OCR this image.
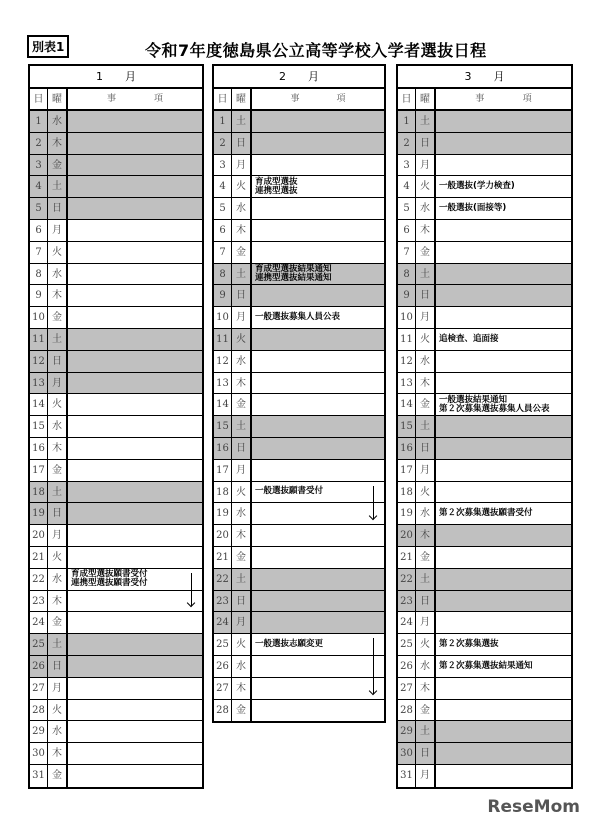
別表1	令和7年度徳島県公立高等学校入学者選抜日程
1　　月
日 曜	事	項
1	水
2	木
3	金
4	土
5	日
6	月
7	火
8	水
9	木
10 金
11 土
12 日
13 月
14 火
15 水
16 木
17 金
18 土
19 日
20 月
21 火
22 水	育成型選抜願書受付
連携型選抜願書受付
23 木
24 金
25 土
26 日
27 月
28 火
29 水
30 木
31 金
2　　月
日 曜	事	項
1	土
2	日
3	月
4	火	育成型選抜
連携型選抜
5	水
6	木
7	金
8	土	育成型選抜結果通知
連携型選抜結果通知
9	日
10 月	一般選抜募集人員公表
11 火
12 水
13 木
14 金
15 土
16 日
17 月
18 火	一般選抜願書受付
19 水
20 木
21 金
22 土
23 日
24 月
25 火	一般選抜志願変更
26 水
27 木
28 金
3　　月
日 曜	事	項
1	土
2	日
3	月
4	火	一般選抜(学力検査)
5	水	一般選抜(面接等)
6	木
7	金
8	土
9	日
10 月
11 火	追検査、追面接
12 水
13 木
14 金	一般選抜結果通知
第２次募集選抜募集人員公表
15 土
16 日
17 月
18 火
19 水	第２次募集選抜願書受付
20 木
21 金
22 土
23 日
24 月
25 火	第２次募集選抜
26 水	第２次募集選抜結果通知
27 木
28 金
29 土
30 日
31 月
ReseMom
